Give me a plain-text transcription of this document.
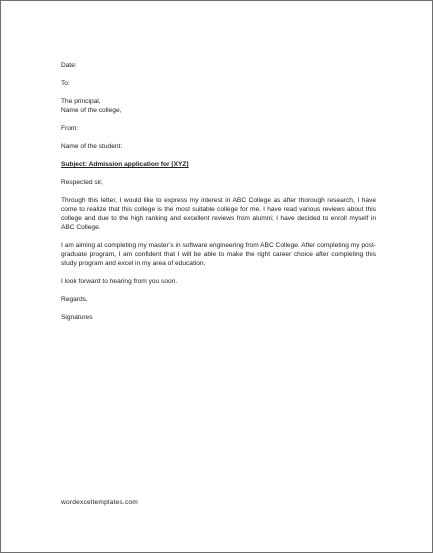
Date:
To:
The principal,
Name of the college,
From:
Name of the student:
Subject: Admission application for [XYZ]
Respected sir,
Through this letter, I would like to express my interest in ABC College as after thorough research, I have come to realize that this college is the most suitable college for me. I have read various reviews about this college and due to the high ranking and excellent reviews from alumni; I have decided to enroll myself in ABC College.
I am aiming at completing my master’s in software engineering from ABC College. After completing my post-graduate program, I am confident that I will be able to make the right career choice after completing this study program and excel in my area of education.
I look forward to hearing from you soon.
Regards,
Signatures
wordexceltemplates.com
